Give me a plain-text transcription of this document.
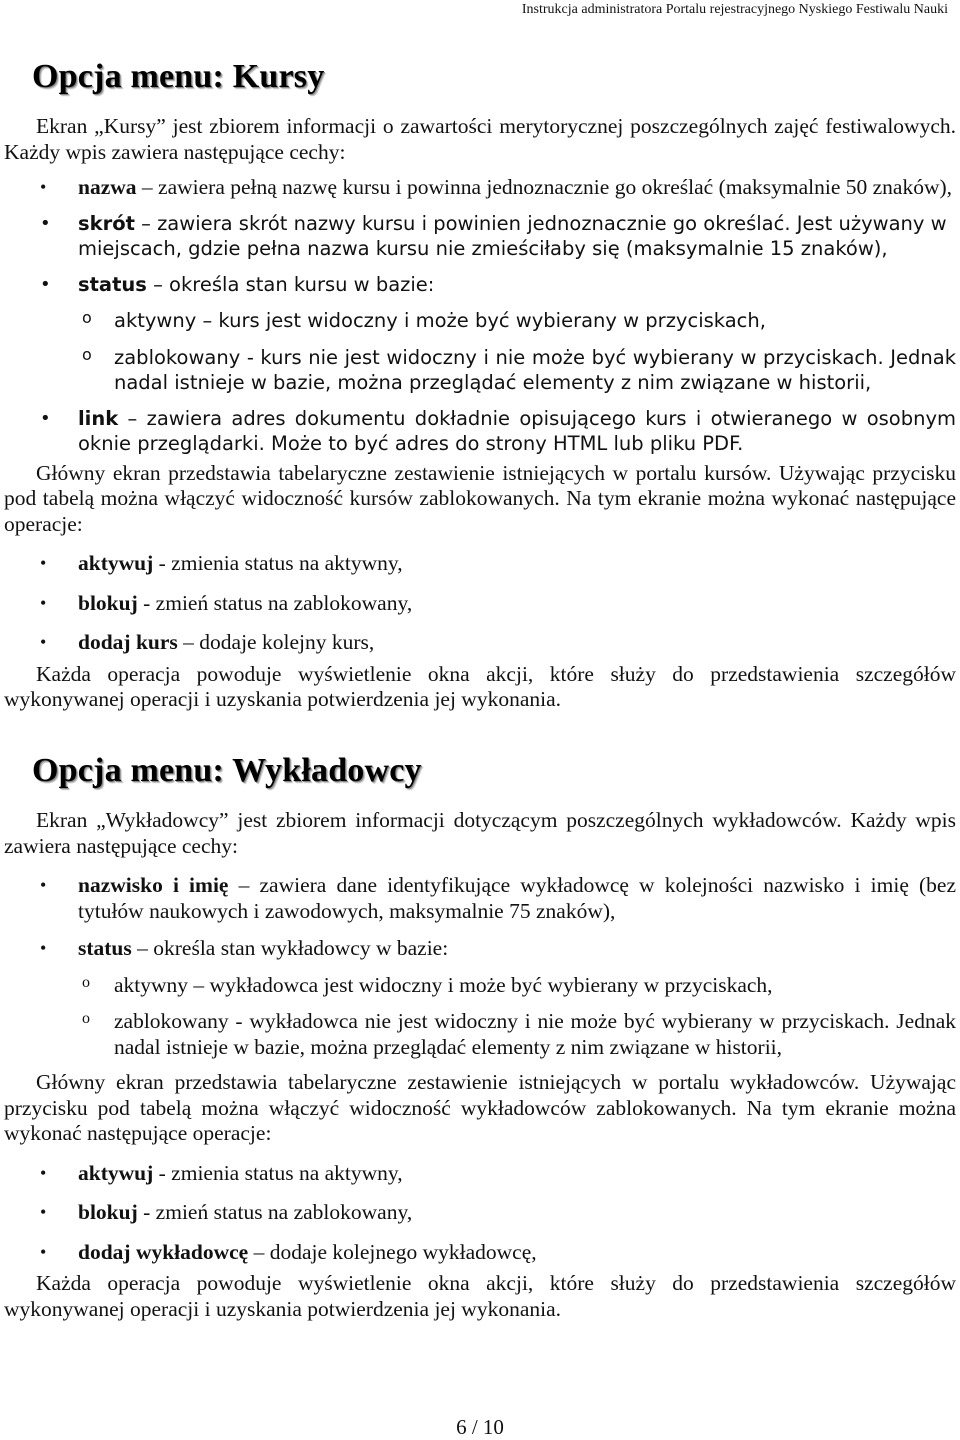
Instrukcja administratora Portalu rejestracyjnego Nyskiego Festiwalu Nauki
Opcja menu: Kursy
Ekran „Kursy” jest zbiorem informacji o zawartości merytorycznej poszczególnych zajęć festiwalowych. Każdy wpis zawiera następujące cechy:
• nazwa – zawiera pełną nazwę kursu i powinna jednoznacznie go określać (maksymalnie 50 znaków),
• skrót – zawiera skrót nazwy kursu i powinien jednoznacznie go określać. Jest używany w miejscach, gdzie pełna nazwa kursu nie zmieściłaby się (maksymalnie 15 znaków),
• status – określa stan kursu w bazie:
o aktywny – kurs jest widoczny i może być wybierany w przyciskach,
o zablokowany - kurs nie jest widoczny i nie może być wybierany w przyciskach. Jednak nadal istnieje w bazie, można przeglądać elementy z nim związane w historii,
• link – zawiera adres dokumentu dokładnie opisującego kurs i otwieranego w osobnym oknie przeglądarki. Może to być adres do strony HTML lub pliku PDF.
Główny ekran przedstawia tabelaryczne zestawienie istniejących w portalu kursów. Używając przycisku pod tabelą można włączyć widoczność kursów zablokowanych. Na tym ekranie można wykonać następujące operacje:
• aktywuj - zmienia status na aktywny,
• blokuj - zmień status na zablokowany,
• dodaj kurs – dodaje kolejny kurs,
Każda operacja powoduje wyświetlenie okna akcji, które służy do przedstawienia szczegółów wykonywanej operacji i uzyskania potwierdzenia jej wykonania.
Opcja menu: Wykładowcy
Ekran „Wykładowcy” jest zbiorem informacji dotyczącym poszczególnych wykładowców. Każdy wpis zawiera następujące cechy:
• nazwisko i imię – zawiera dane identyfikujące wykładowcę w kolejności nazwisko i imię (bez tytułów naukowych i zawodowych, maksymalnie 75 znaków),
• status – określa stan wykładowcy w bazie:
o aktywny – wykładowca jest widoczny i może być wybierany w przyciskach,
o zablokowany - wykładowca nie jest widoczny i nie może być wybierany w przyciskach. Jednak nadal istnieje w bazie, można przeglądać elementy z nim związane w historii,
Główny ekran przedstawia tabelaryczne zestawienie istniejących w portalu wykładowców. Używając przycisku pod tabelą można włączyć widoczność wykładowców zablokowanych. Na tym ekranie można wykonać następujące operacje:
• aktywuj - zmienia status na aktywny,
• blokuj - zmień status na zablokowany,
• dodaj wykładowcę – dodaje kolejnego wykładowcę,
Każda operacja powoduje wyświetlenie okna akcji, które służy do przedstawienia szczegółów wykonywanej operacji i uzyskania potwierdzenia jej wykonania.
6 / 10
